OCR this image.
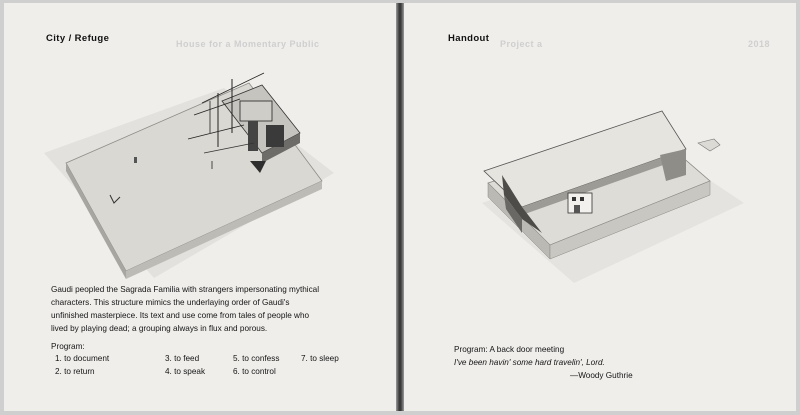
House for a Momentary Public
City / Refuge
Gaudi peopled the Sagrada Familia with strangers impersonating mythical
characters. This structure mimics the underlaying order of Gaudi's
unfinished masterpiece. Its text and use come from tales of people who
lived by playing dead; a grouping always in flux and porous.
Program:
1. to document
2. to return
3. to feed
4. to speak
5. to confess
6. to control
7. to sleep
Project a	2018
Handout
Program: A back door meeting
I've been havin' some hard travelin', Lord.
—Woody Guthrie
